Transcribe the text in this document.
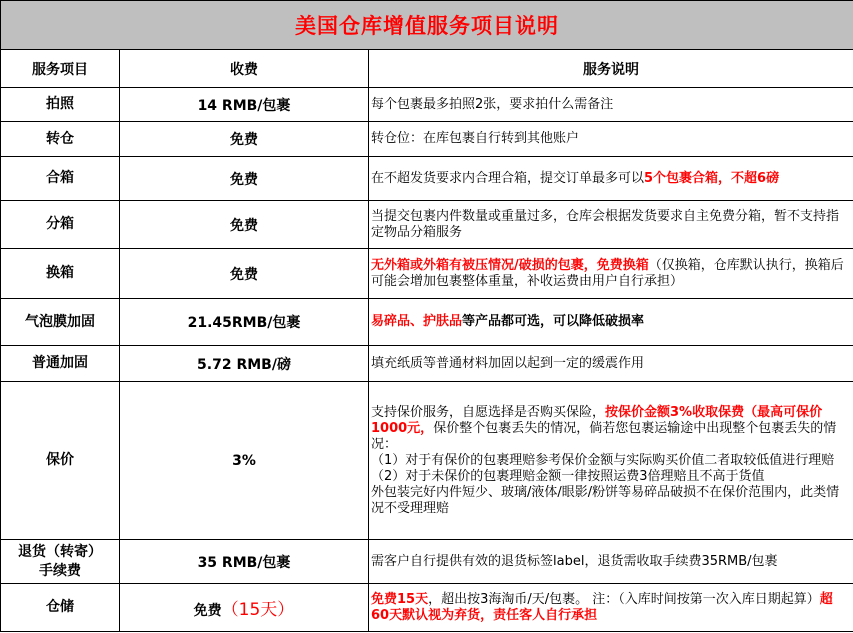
美国仓库增值服务项目说明		
服务项目	收费	服务说明
拍照	14 RMB/包裹	每个包裹最多拍照2张，要求拍什么需备注
转仓	免费	转仓位：在库包裹自行转到其他账户
合箱	免费	在不超发货要求内合理合箱，提交订单最多可以5个包裹合箱，不超6磅
分箱	免费	当提交包裹内件数量或重量过多，仓库会根据发货要求自主免费分箱，暂不支持指定物品分箱服务
换箱	免费	无外箱或外箱有被压情况/破损的包裹，免费换箱（仅换箱，仓库默认执行，换箱后可能会增加包裹整体重量，补收运费由用户自行承担）
气泡膜加固	21.45RMB/包裹	易碎品、护肤品等产品都可选，可以降低破损率
普通加固	5.72 RMB/磅	填充纸质等普通材料加固以起到一定的缓震作用
保价	3%	支持保价服务，自愿选择是否购买保险，按保价金额3%收取保费（最高可保价1000元，保价整个包裹丢失的情况，倘若您包裹运输途中出现整个包裹丢失的情况：
（1）对于有保价的包裹理赔参考保价金额与实际购买价值二者取较低值进行理赔
（2）对于未保价的包裹理赔金额一律按照运费3倍理赔且不高于货值
外包装完好内件短少、玻璃/液体/眼影/粉饼等易碎品破损不在保价范围内，此类情况不受理理赔

退货（转寄）
手续费	35 RMB/包裹	需客户自行提供有效的退货标签label，退货需收取手续费35RMB/包裹
仓储	免费（15天）	免费15天，超出按3海淘币/天/包裹。 注：（入库时间按第一次入库日期起算）超60天默认视为弃货，责任客人自行承担
